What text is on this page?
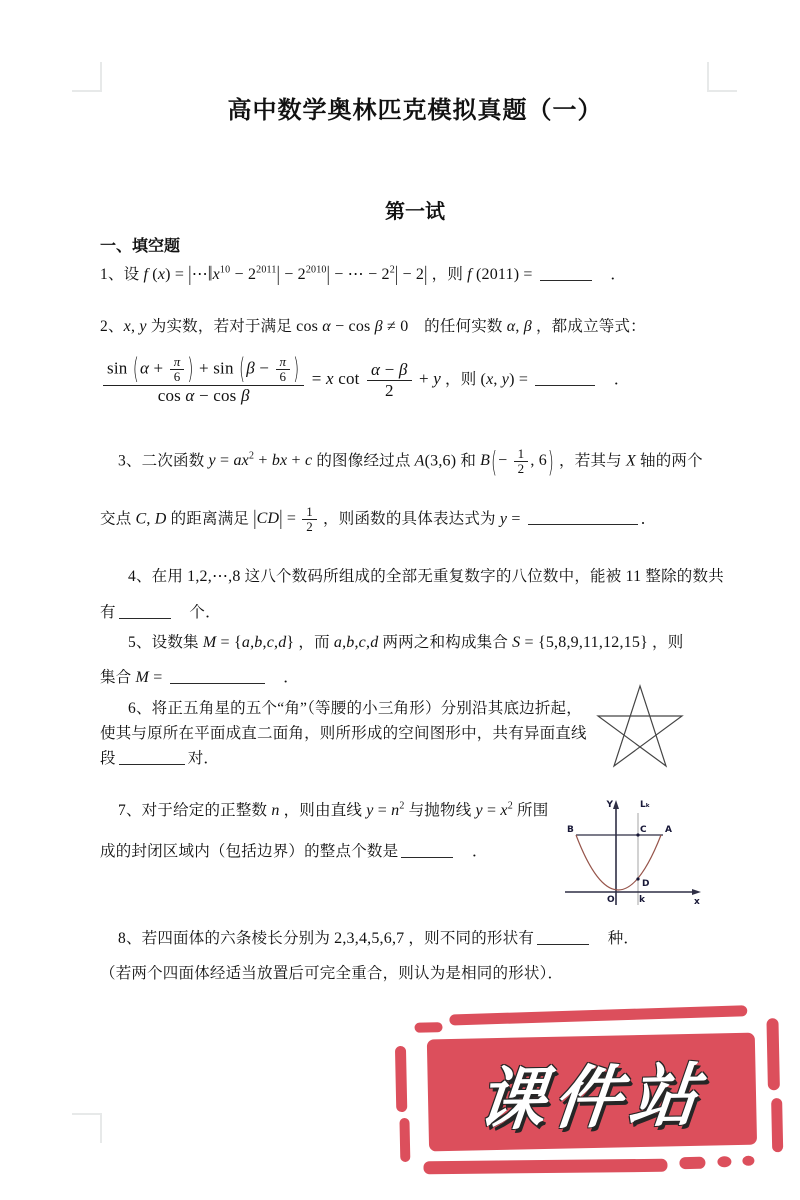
高中数学奥林匹克模拟真题（一）
第一试
一、填空题
1、设 f $(x) = |\cdots‖x^{10} - 2^{2011}| - 2^{2010}|$ − ⋯ − $2^2| - 2|$ ，则 f (2011) =	　．
2、x, y 为实数，若对于满足 cos α − cos β ≠ 0　的任何实数 α, β ，都成立等式：
$\frac{\sin (\alpha + \frac{\pi}{6} ) + \sin (\beta - \frac{\pi}{6} )}{\text{cos α − cos β}} = x$ $\cot \frac{\alpha - \beta}{2} + y$ ，则 (x, y) =	　．
3、二次函数 $y = ax^2$ + bx + c 的图像经过点 A(3,6) 和 $B(- \frac{1}{2}$ , 6) ，若其与 X 轴的两个
交点 C, D 的距离满足 $|CD| = \frac{1}{2}$ ，则函数的具体表达式为 y =	．
4、在用 1,2,⋯,8 这八个数码所组成的全部无重复数字的八位数中，能被 11 整除的数共
有	　个．
5、设数集 M = {a,b,c,d} ，而 a,b,c,d 两两之和构成集合 S = {5,8,9,11,12,15} ，则
集合 M =	　．
6、将正五角星的五个“角”（等腰的小三角形）分别沿其底边折起，
使其与原所在平面成直二面角，则所形成的空间图形中，共有异面直线
段	对．
7、对于给定的正整数 n ，则由直线 $y = n^2$ 与抛物线 $y = x^2$ 所围
成的封闭区域内（包括边界）的整点个数是	　．
Y	Lₖ
B	A
C
D
O	k	x
8、若四面体的六条棱长分别为 2,3,4,5,6,7 ，则不同的形状有	　种．
（若两个四面体经适当放置后可完全重合，则认为是相同的形状）．
课件站
